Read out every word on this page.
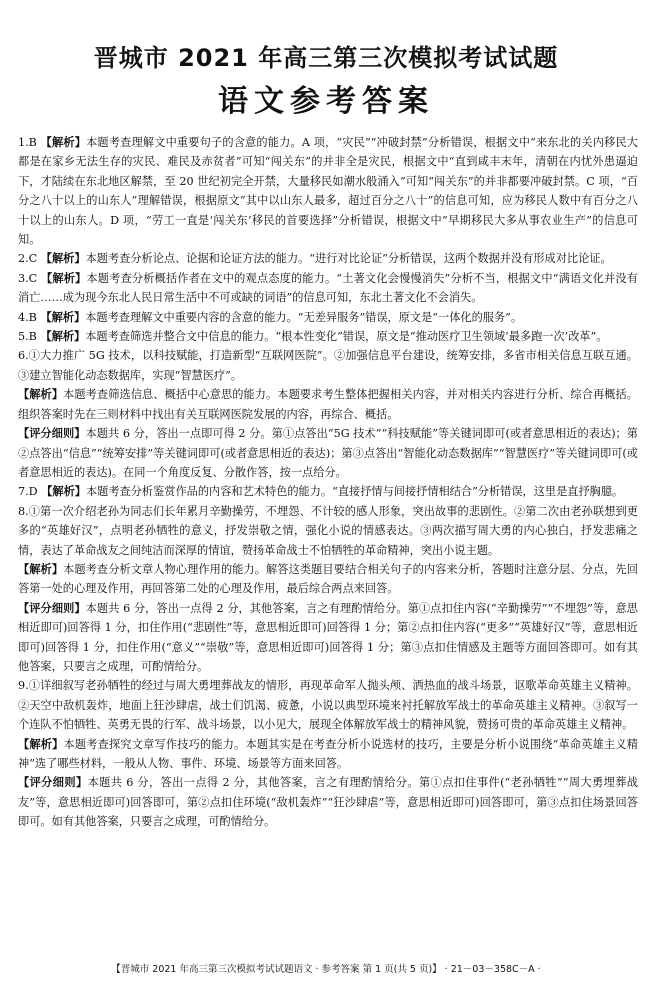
晋城市 2021 年高三第三次模拟考试试题
语文参考答案

1.B 【解析】本题考查理解文中重要句子的含意的能力。A 项，“灾民”“冲破封禁”分析错误，根据文中“来东北的关内移民大都是在家乡无法生存的灾民、难民及赤贫者”可知“闯关东”的并非全是灾民，根据文中“直到咸丰末年，清朝在内忧外患逼迫下，才陆续在东北地区解禁，至 20 世纪初完全开禁，大量移民如潮水般涌入”可知“闯关东”的并非都要冲破封禁。C 项，“百分之八十以上的山东人”理解错误，根据原文“其中以山东人最多，超过百分之八十”的信息可知，应为移民人数中有百分之八十以上的山东人。D 项，“劳工一直是‘闯关东’移民的首要选择”分析错误，根据文中“早期移民大多从事农业生产”的信息可知。

2.C 【解析】本题考查分析论点、论据和论证方法的能力。“进行对比论证”分析错误，这两个数据并没有形成对比论证。

3.C 【解析】本题考查分析概括作者在文中的观点态度的能力。“土著文化会慢慢消失”分析不当，根据文中“满语文化并没有消亡……成为现今东北人民日常生活中不可或缺的词语”的信息可知，东北土著文化不会消失。

4.B 【解析】本题考查理解文中重要内容的含意的能力。“无差异服务”错误，原文是“一体化的服务”。

5.B 【解析】本题考查筛选并整合文中信息的能力。“根本性变化”错误，原文是“推动医疗卫生领域‘最多跑一次’改革”。

6.①大力推广 5G 技术，以科技赋能，打造新型“互联网医院”。②加强信息平台建设，统筹安排，多省市相关信息互联互通。③建立智能化动态数据库，实现“智慧医疗”。

【解析】本题考查筛选信息、概括中心意思的能力。本题要求考生整体把握相关内容，并对相关内容进行分析、综合再概括。组织答案时先在三则材料中找出有关互联网医院发展的内容，再综合、概括。

【评分细则】本题共 6 分，答出一点即可得 2 分。第①点答出“5G 技术”“科技赋能”等关键词即可(或者意思相近的表达)；第②点答出“信息”“统筹安排”等关键词即可(或者意思相近的表达)；第③点答出“智能化动态数据库”“智慧医疗”等关键词即可(或者意思相近的表达)。在同一个角度反复、分散作答，按一点给分。

7.D 【解析】本题考查分析鉴赏作品的内容和艺术特色的能力。“直接抒情与间接抒情相结合”分析错误，这里是直抒胸臆。

8.①第一次介绍老孙为同志们长年累月辛勤操劳，不埋怨、不计较的感人形象，突出故事的悲剧性。②第二次由老孙联想到更多的“英雄好汉”，点明老孙牺牲的意义，抒发崇敬之情，强化小说的情感表达。③两次描写周大勇的内心独白，抒发悲痛之情，表达了革命战友之间纯洁而深厚的情谊，赞扬革命战士不怕牺牲的革命精神，突出小说主题。

【解析】本题考查分析文章人物心理作用的能力。解答这类题目要结合相关句子的内容来分析，答题时注意分层、分点，先回答第一处的心理及作用，再回答第二处的心理及作用，最后综合两点来回答。

【评分细则】本题共 6 分，答出一点得 2 分，其他答案，言之有理酌情给分。第①点扣住内容(“辛勤操劳”“不埋怨”等，意思相近即可)回答得 1 分，扣住作用(“悲剧性”等，意思相近即可)回答得 1 分；第②点扣住内容(“更多”“英雄好汉”等，意思相近即可)回答得 1 分，扣住作用(“意义”“崇敬”等，意思相近即可)回答得 1 分；第③点扣住情感及主题等方面回答即可。如有其他答案，只要言之成理，可酌情给分。

9.①详细叙写老孙牺牲的经过与周大勇埋葬战友的情形，再现革命军人抛头颅、洒热血的战斗场景，讴歌革命英雄主义精神。②天空中敌机轰炸，地面上狂沙肆虐，战士们饥渴、疲惫，小说以典型环境来衬托解放军战士的革命英雄主义精神。③叙写一个连队不怕牺牲、英勇无畏的行军、战斗场景，以小见大，展现全体解放军战士的精神风貌，赞扬可贵的革命英雄主义精神。

【解析】本题考查探究文章写作技巧的能力。本题其实是在考查分析小说选材的技巧，主要是分析小说围绕“革命英雄主义精神”选了哪些材料，一般从人物、事件、环境、场景等方面来回答。

【评分细则】本题共 6 分，答出一点得 2 分，其他答案，言之有理酌情给分。第①点扣住事件(“老孙牺牲”“周大勇埋葬战友”等，意思相近即可)回答即可，第②点扣住环境(“敌机轰炸”“狂沙肆虐”等，意思相近即可)回答即可，第③点扣住场景回答即可。如有其他答案，只要言之成理，可酌情给分。

【晋城市 2021 年高三第三次模拟考试试题语文 · 参考答案 第 1 页(共 5 页)】 · 21－03－358C－A ·
